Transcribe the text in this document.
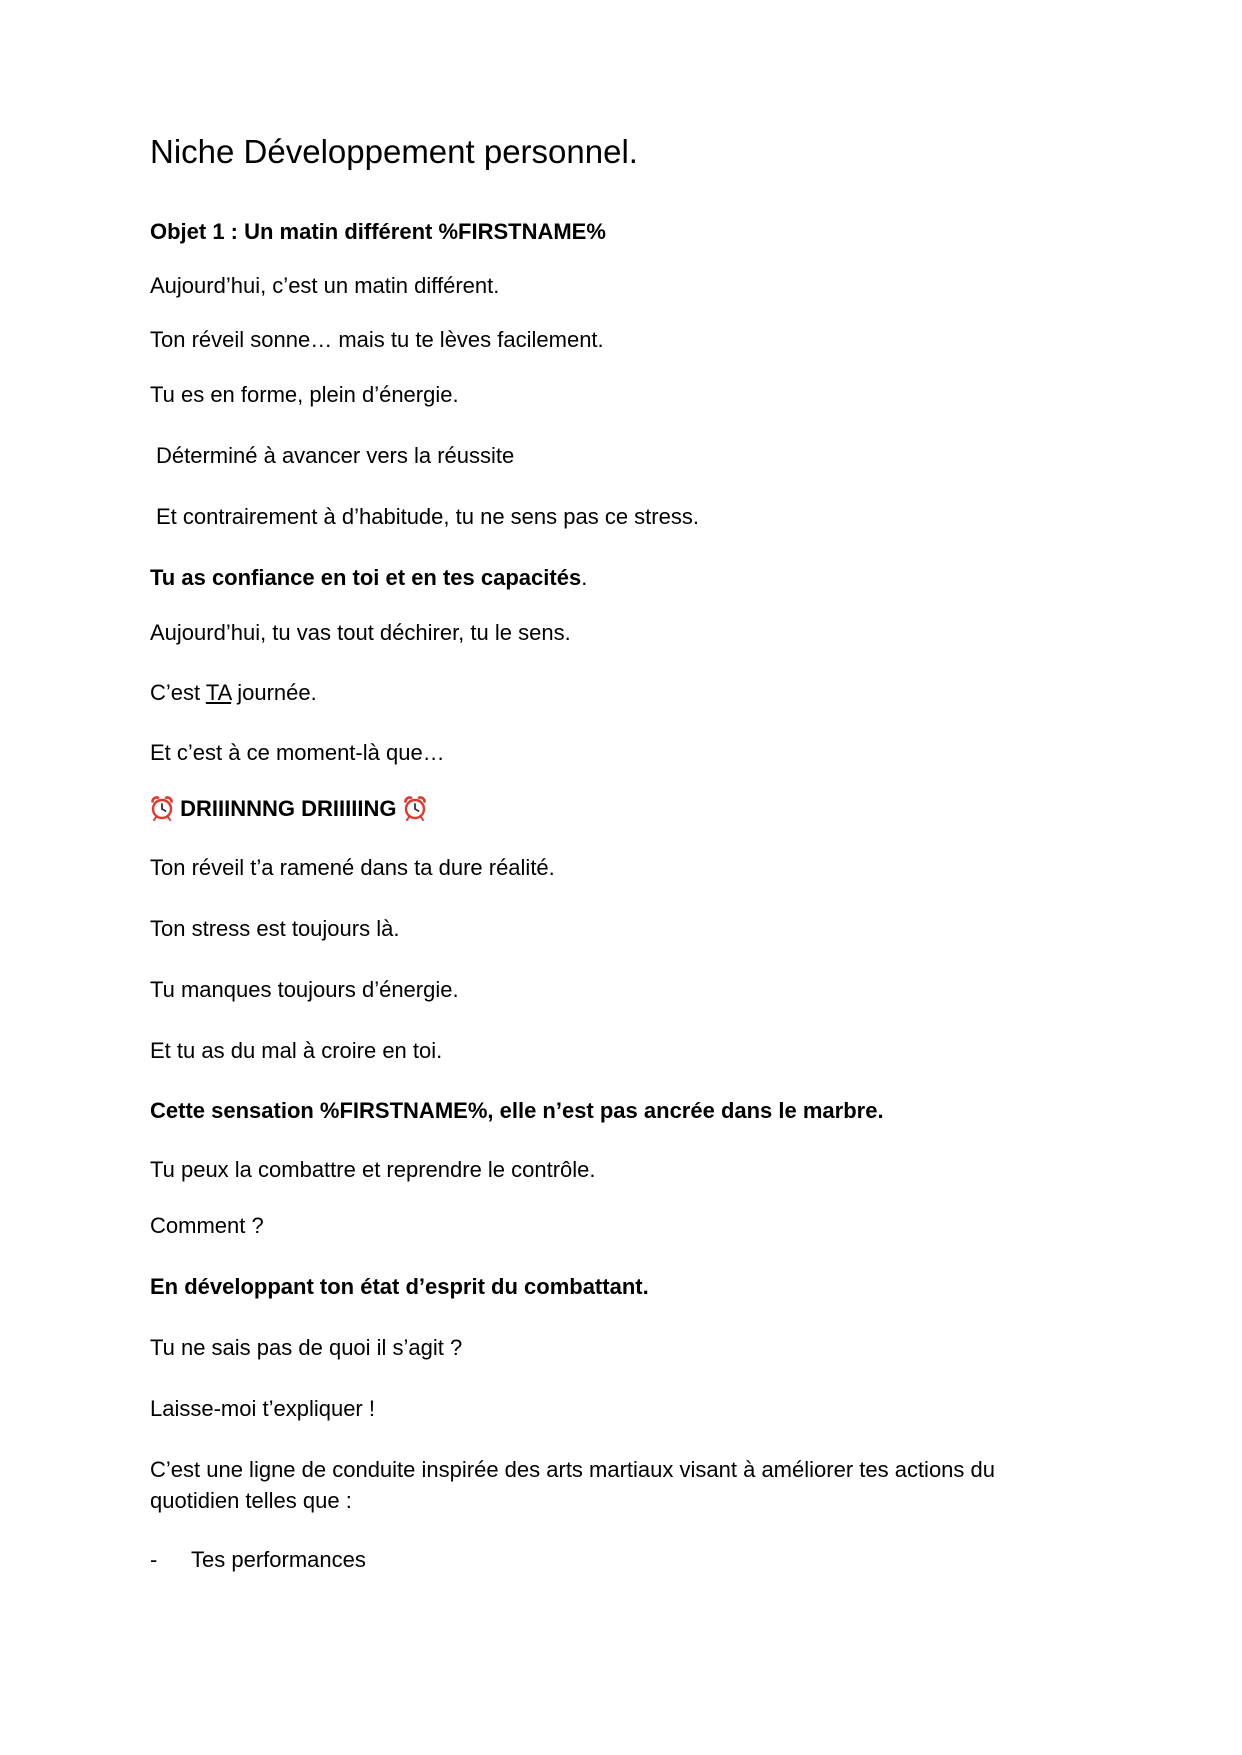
Niche Développement personnel.

Objet 1 : Un matin différent %FIRSTNAME%

Aujourd’hui, c’est un matin différent.

Ton réveil sonne… mais tu te lèves facilement.

Tu es en forme, plein d’énergie.

Déterminé à avancer vers la réussite

Et contrairement à d’habitude, tu ne sens pas ce stress.

Tu as confiance en toi et en tes capacités.

Aujourd’hui, tu vas tout déchirer, tu le sens.

C’est TA journée.

Et c’est à ce moment-là que…

DRIIINNNG DRIIIIING

Ton réveil t’a ramené dans ta dure réalité.

Ton stress est toujours là.

Tu manques toujours d’énergie.

Et tu as du mal à croire en toi.

Cette sensation %FIRSTNAME%, elle n’est pas ancrée dans le marbre.

Tu peux la combattre et reprendre le contrôle.

Comment ?

En développant ton état d’esprit du combattant.

Tu ne sais pas de quoi il s’agit ?

Laisse-moi t’expliquer !

C’est une ligne de conduite inspirée des arts martiaux visant à améliorer tes actions du quotidien telles que :

- Tes performances
